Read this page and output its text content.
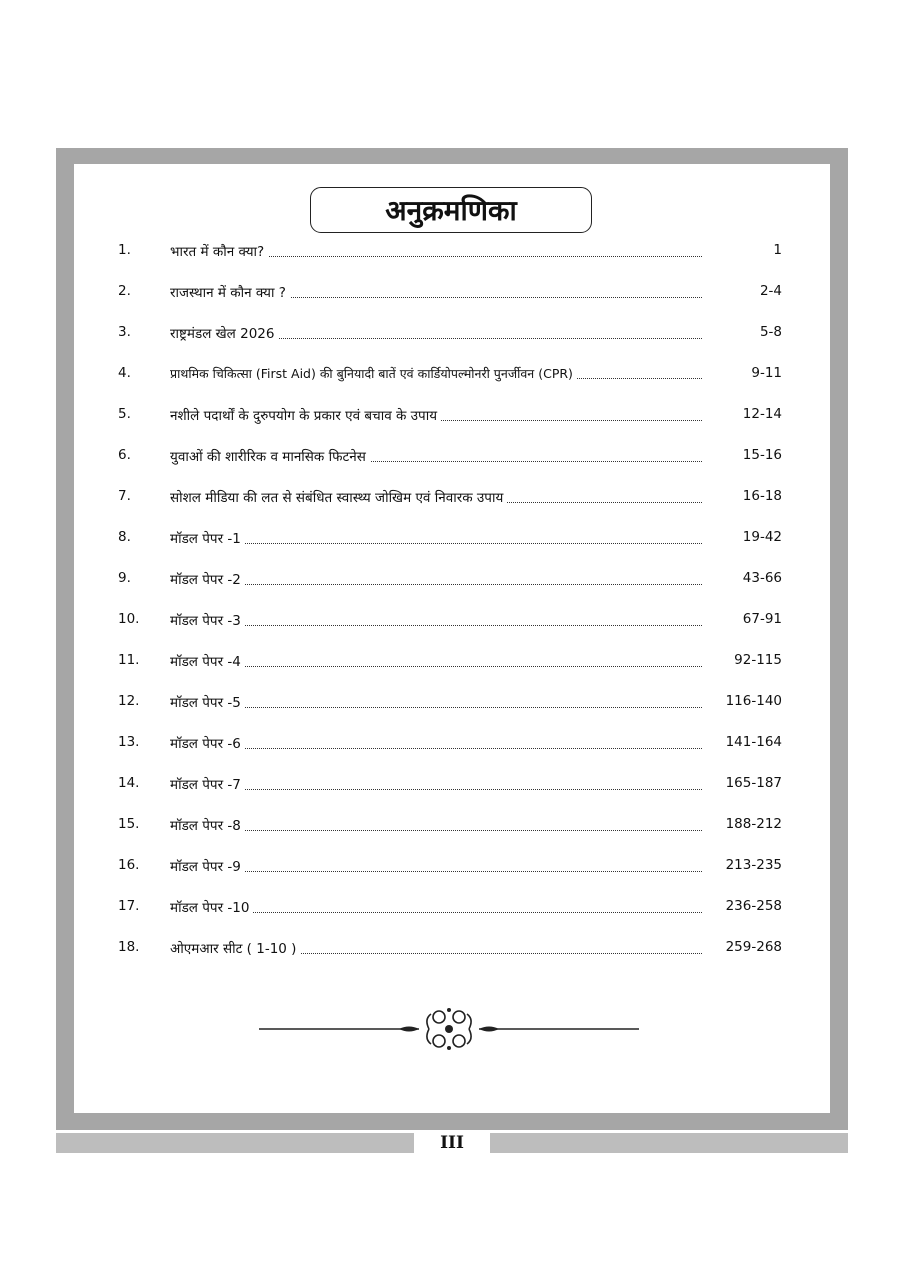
अनुक्रमणिका
1.	भारत में कौन क्या?	1
2.	राजस्थान में कौन क्या ?	2-4
3.	राष्ट्रमंडल खेल 2026	5-8
4.	प्राथमिक चिकित्सा (First Aid) की बुनियादी बातें एवं कार्डियोपल्मोनरी पुनर्जीवन (CPR)	9-11
5.	नशीले पदार्थों के दुरुपयोग के प्रकार एवं बचाव के उपाय	12-14
6.	युवाओं की शारीरिक व मानसिक फिटनेस	15-16
7.	सोशल मीडिया की लत से संबंधित स्वास्थ्य जोखिम एवं निवारक उपाय	16-18
8.	मॉडल पेपर -1	19-42
9.	मॉडल पेपर -2	43-66
10.	मॉडल पेपर -3	67-91
11.	मॉडल पेपर -4	92-115
12.	मॉडल पेपर -5	116-140
13.	मॉडल पेपर -6	141-164
14.	मॉडल पेपर -7	165-187
15.	मॉडल पेपर -8	188-212
16.	मॉडल पेपर -9	213-235
17.	मॉडल पेपर -10	236-258
18.	ओएमआर सीट ( 1-10 )	259-268
III
